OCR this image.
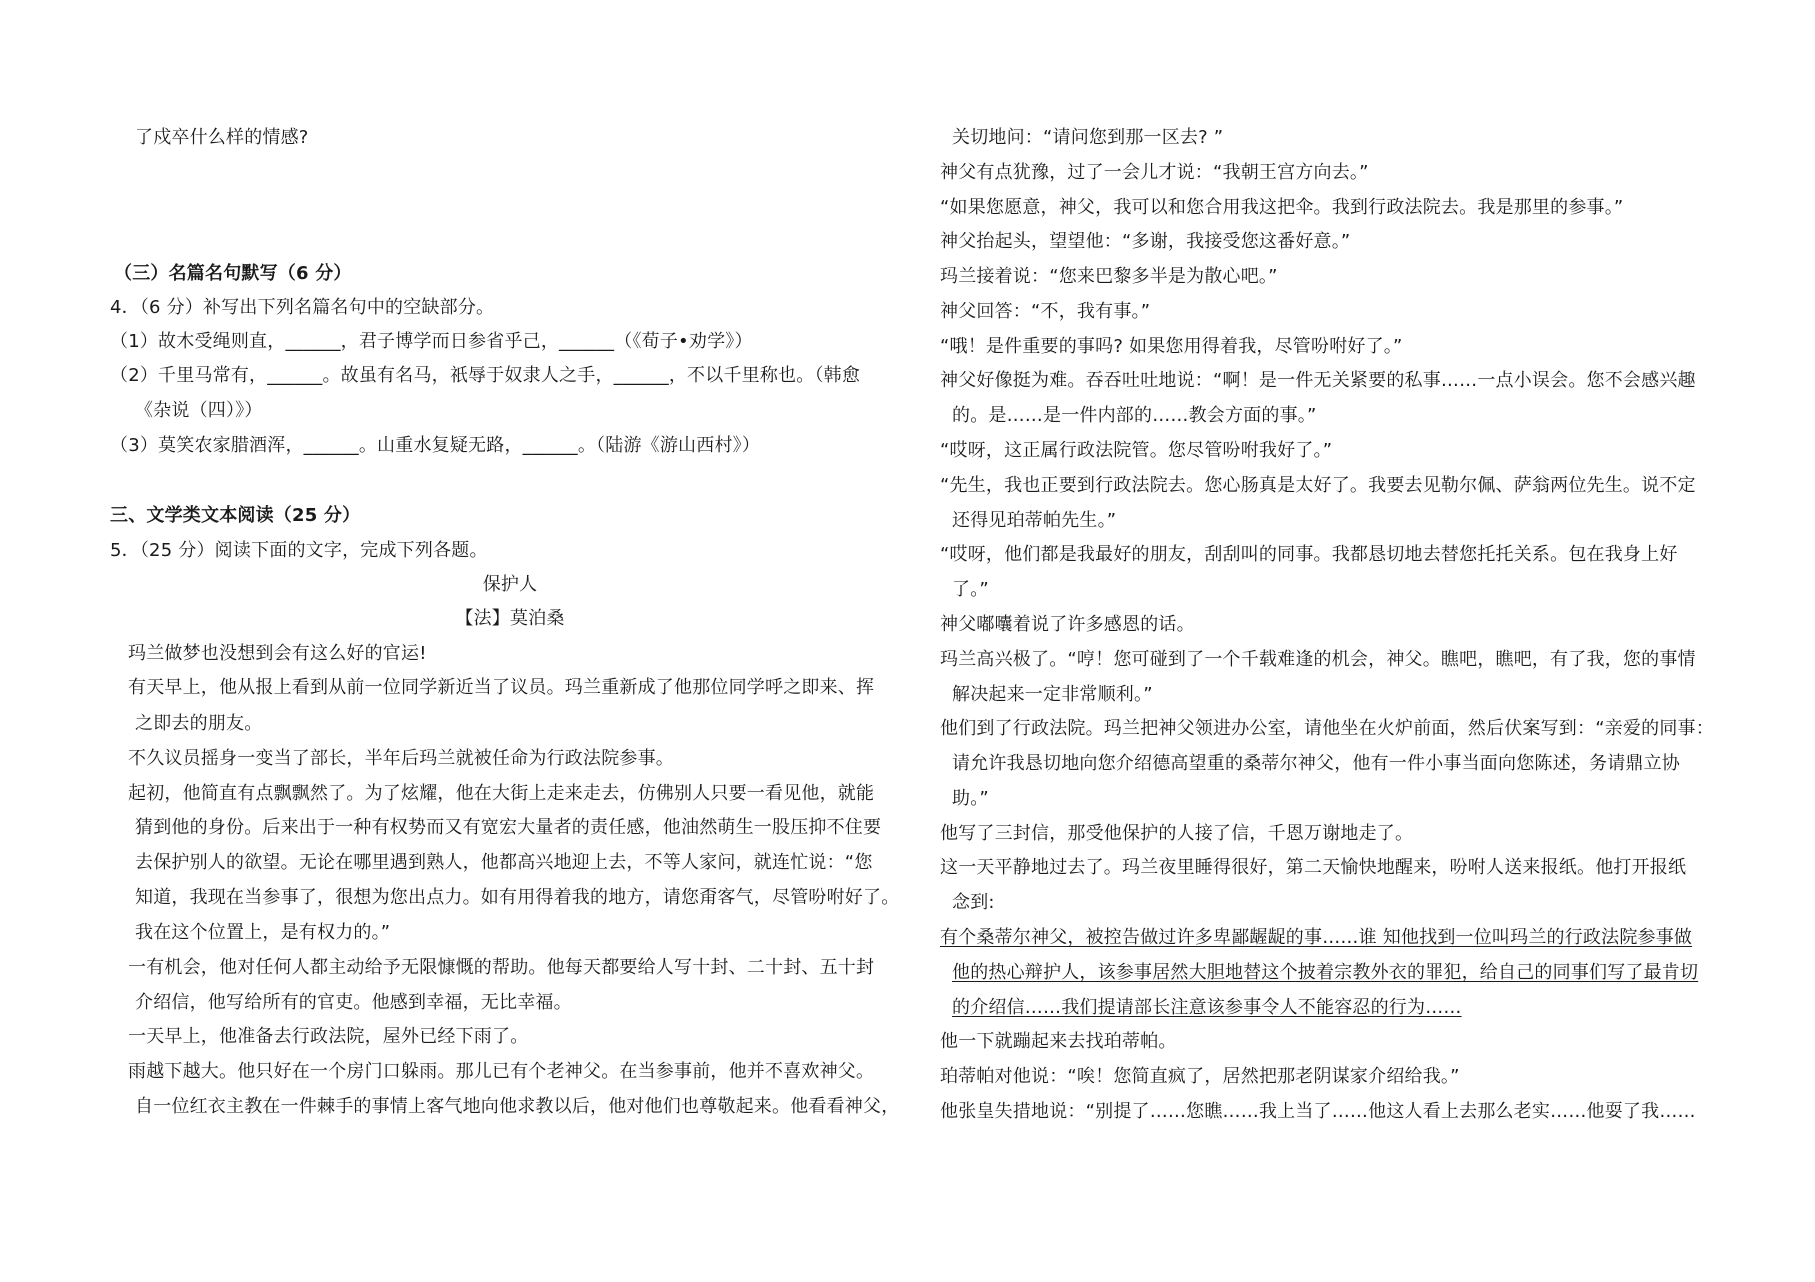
了戍卒什么样的情感?
（三）名篇名句默写（6 分）
4．（6 分）补写出下列名篇名句中的空缺部分。
（1）故木受绳则直，______，君子博学而日参省乎己，______（《荀子•劝学》）
（2）千里马常有，______。故虽有名马，祇辱于奴隶人之手，______，不以千里称也。（韩愈
《杂说（四）》）
（3）莫笑农家腊酒浑，______。山重水复疑无路，______。（陆游《游山西村》）
三、文学类文本阅读（25 分）
5．（25 分）阅读下面的文字，完成下列各题。
保护人
【法】莫泊桑
玛兰做梦也没想到会有这么好的官运!
有天早上，他从报上看到从前一位同学新近当了议员。玛兰重新成了他那位同学呼之即来、挥
之即去的朋友。
不久议员摇身一变当了部长，半年后玛兰就被任命为行政法院参事。
起初，他简直有点飘飘然了。为了炫耀，他在大街上走来走去，仿佛别人只要一看见他，就能
猜到他的身份。后来出于一种有权势而又有宽宏大量者的责任感，他油然萌生一股压抑不住要
去保护别人的欲望。无论在哪里遇到熟人，他都高兴地迎上去，不等人家问，就连忙说：“您
知道，我现在当参事了，很想为您出点力。如有用得着我的地方，请您甭客气，尽管吩咐好了。
我在这个位置上，是有权力的。”
一有机会，他对任何人都主动给予无限慷慨的帮助。他每天都要给人写十封、二十封、五十封
介绍信，他写给所有的官吏。他感到幸福，无比幸福。
一天早上，他准备去行政法院，屋外已经下雨了。
雨越下越大。他只好在一个房门口躲雨。那儿已有个老神父。在当参事前，他并不喜欢神父。
自一位红衣主教在一件棘手的事情上客气地向他求教以后，他对他们也尊敬起来。他看看神父，
关切地问：“请问您到那一区去? ”
神父有点犹豫，过了一会儿才说：“我朝王宫方向去。”
“如果您愿意，神父，我可以和您合用我这把伞。我到行政法院去。我是那里的参事。”
神父抬起头，望望他：“多谢，我接受您这番好意。”
玛兰接着说：“您来巴黎多半是为散心吧。”
神父回答：“不，我有事。”
“哦！是件重要的事吗? 如果您用得着我，尽管吩咐好了。”
神父好像挺为难。吞吞吐吐地说：“啊！是一件无关紧要的私事……一点小误会。您不会感兴趣
的。是……是一件内部的……教会方面的事。”
“哎呀，这正属行政法院管。您尽管吩咐我好了。”
“先生，我也正要到行政法院去。您心肠真是太好了。我要去见勒尔佩、萨翁两位先生。说不定
还得见珀蒂帕先生。”
“哎呀，他们都是我最好的朋友，刮刮叫的同事。我都恳切地去替您托托关系。包在我身上好
了。”
神父嘟囔着说了许多感恩的话。
玛兰高兴极了。“哼！您可碰到了一个千载难逢的机会，神父。瞧吧，瞧吧，有了我，您的事情
解决起来一定非常顺利。”
他们到了行政法院。玛兰把神父领进办公室，请他坐在火炉前面，然后伏案写到：“亲爱的同事：
请允许我恳切地向您介绍德高望重的桑蒂尔神父，他有一件小事当面向您陈述，务请鼎立协
助。”
他写了三封信，那受他保护的人接了信，千恩万谢地走了。
这一天平静地过去了。玛兰夜里睡得很好，第二天愉快地醒来，吩咐人送来报纸。他打开报纸
念到:
有个桑蒂尔神父，被控告做过许多卑鄙龌龊的事……谁 知他找到一位叫玛兰的行政法院参事做
他的热心辩护人，该参事居然大胆地替这个披着宗教外衣的罪犯，给自己的同事们写了最肯切
的介绍信……我们提请部长注意该参事令人不能容忍的行为……
他一下就蹦起来去找珀蒂帕。
珀蒂帕对他说：“唉！您简直疯了，居然把那老阴谋家介绍给我。”
他张皇失措地说：“别提了……您瞧……我上当了……他这人看上去那么老实……他耍了我……
